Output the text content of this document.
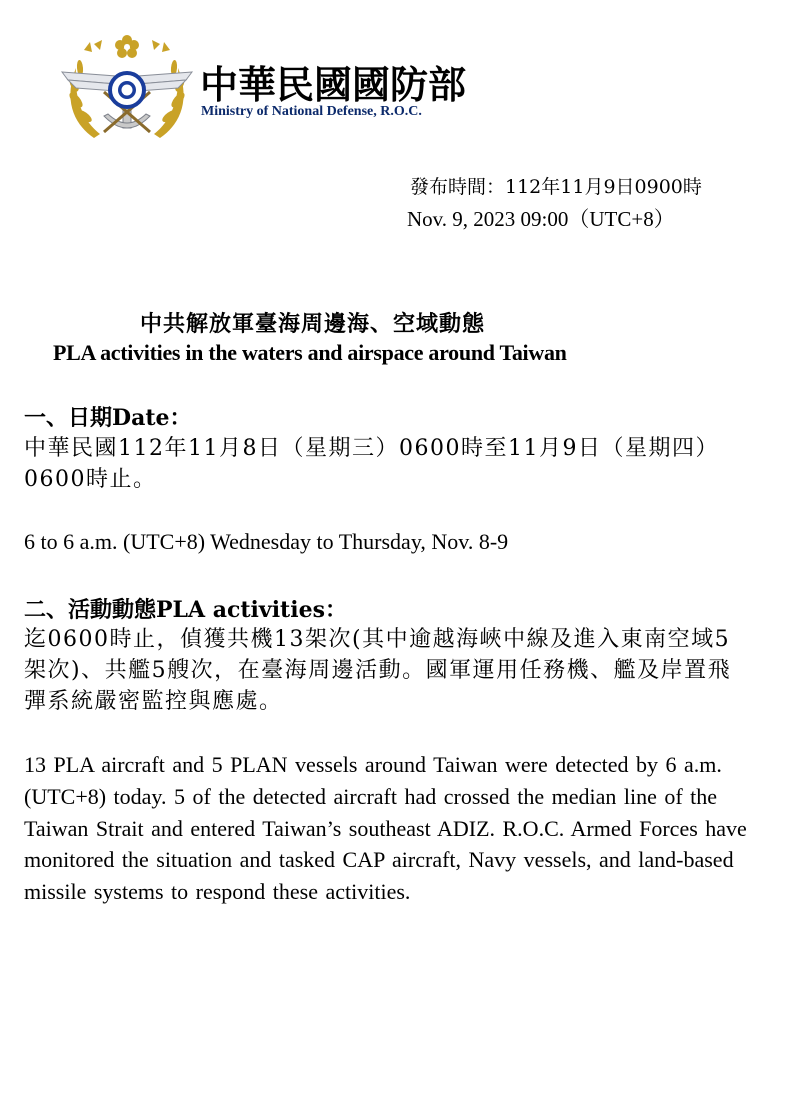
中華民國國防部
Ministry of National Defense, R.O.C.
發布時間：112年11月9日0900時
Nov. 9, 2023 09:00（UTC+8）
中共解放軍臺海周邊海、空域動態
PLA activities in the waters and airspace around Taiwan
一、日期Date：
中華民國112年11月8日（星期三）0600時至11月9日（星期四）0600時止。
6 to 6 a.m. (UTC+8) Wednesday to Thursday, Nov. 8-9
二、活動動態PLA activities：
迄0600時止，偵獲共機13架次(其中逾越海峽中線及進入東南空域5架次)、共艦5艘次，在臺海周邊活動。國軍運用任務機、艦及岸置飛彈系統嚴密監控與應處。
13 PLA aircraft and 5 PLAN vessels around Taiwan were detected by 6 a.m.(UTC+8) today. 5 of the detected aircraft had crossed the median line of the Taiwan Strait and entered Taiwan’s southeast ADIZ. R.O.C. Armed Forces have monitored the situation and tasked CAP aircraft, Navy vessels, and land-based missile systems to respond these activities.
